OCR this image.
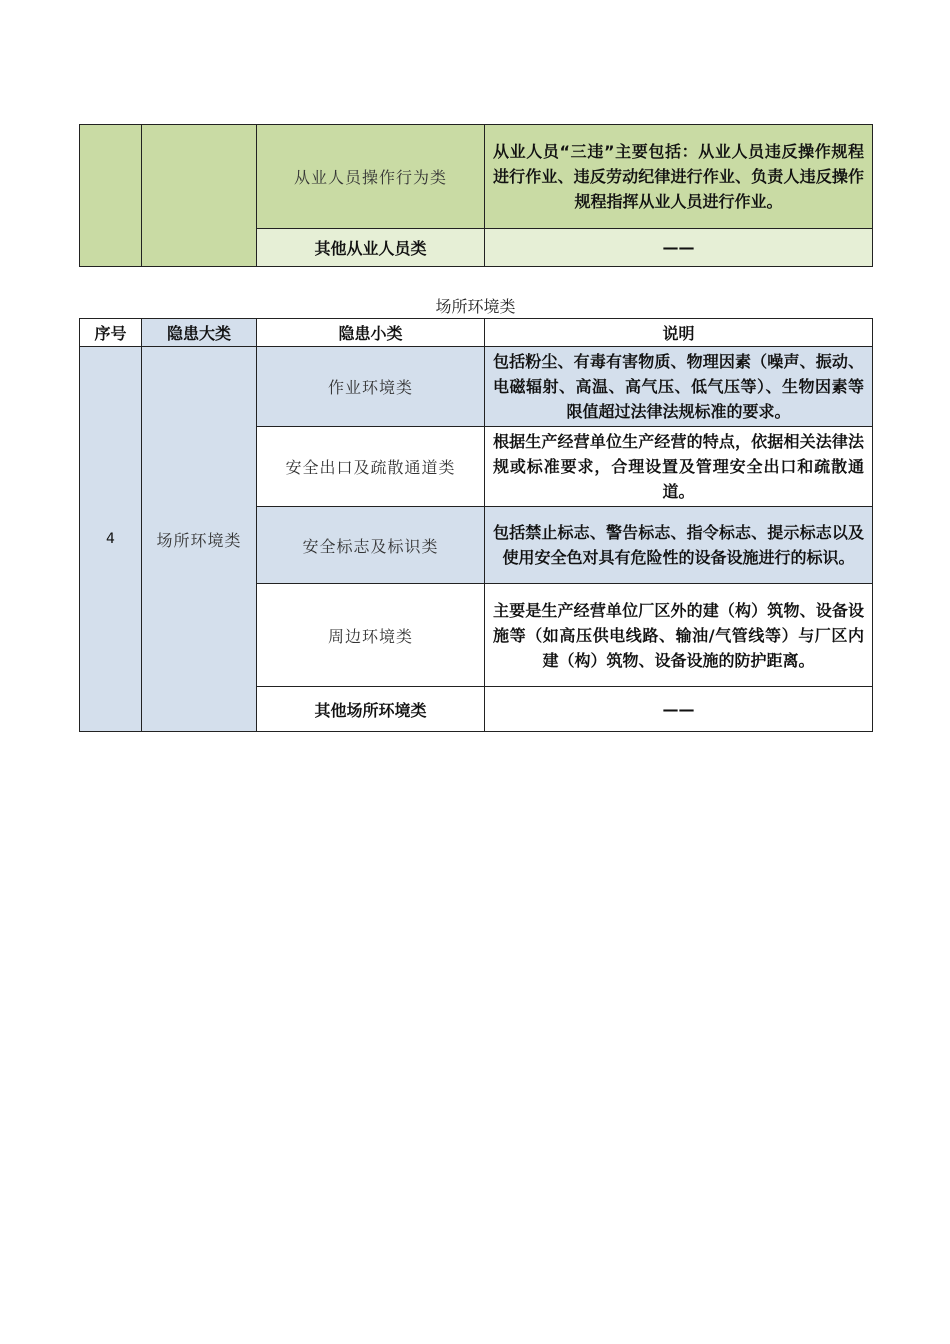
		从业人员操作行为类	从业人员“三违”主要包括：从业人员违反操作规程进行作业、违反劳动纪律进行作业、负责人违反操作规程指挥从业人员进行作业。
		其他从业人员类	——
场所环境类
序号	隐患大类	隐患小类	说明
4	场所环境类	作业环境类	包括粉尘、有毒有害物质、物理因素（噪声、振动、电磁辐射、高温、高气压、低气压等）、生物因素等限值超过法律法规标准的要求。
		安全出口及疏散通道类	根据生产经营单位生产经营的特点，依据相关法律法规或标准要求，合理设置及管理安全出口和疏散通道。
		安全标志及标识类	包括禁止标志、警告标志、指令标志、提示标志以及使用安全色对具有危险性的设备设施进行的标识。
		周边环境类	主要是生产经营单位厂区外的建（构）筑物、设备设施等（如高压供电线路、输油/气管线等）与厂区内建（构）筑物、设备设施的防护距离。
		其他场所环境类	——
